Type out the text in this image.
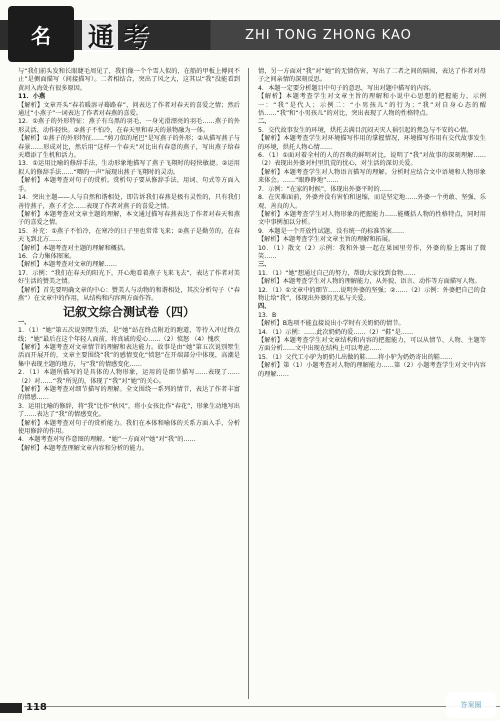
名 通 考	ZHI TONG ZHONG KAO

与“我们前头发和长眼睫毛周见了，我们像一个个雪人似的，在船的甲板上傅问不止”是侧面描写（间接描写）。二者相结合，突出了风之大，这其以“我”没能看到黄河入海处有很多原因。

11．小燕

【解析】文章开头“春若暖溶寻蓦路春”，问表达了作者对春天的喜爱之情；然后通过“小燕子”一词表达了作者对春燕的喜爱。

12．①燕子的外形特征：燕子有乌黑的羽毛、一身光滑漂亮的羽毛……燕子的外形灵活、动作轻快。②燕子不怕冷，在春天里和春天的景物融为一体。

【解析】①燕子的外形特征……“剪刀似的尾巴”是写燕子的外形；②从描写燕子与春景……形成对比，然后用“这样一个春天”对比出有春意的燕子，写出燕子给春天增添了生机和活力。

13．①运用比喻的修辞手法，生动形象地描写了燕子飞翔时的轻快敏捷。②运用拟人的修辞手法……“唧的一声”展现出燕子飞翔时的灵动。

【解析】本题考查对句子的赏析。赏析句子要从修辞手法、用词、句式等方面入手。

14．突出主题——人与自然和谐相处，即告诉我们春燕是极有灵性的，只有我们善待燕子，燕子才会……表现了作者对燕子的喜爱之情。

【解析】本题考查对文章主题的理解，本文通过描写春燕表达了作者对春天和燕子的喜爱之情。

15．补充：①燕子不怕冷，在寒冷的日子里也常常飞来；②燕子是勤劳的，在春天飞到北方……

【解析】本题考查对主题的理解和概括。

16．合力集体图案。

【解析】本题考查对文章的理解……

17．示例：“我们在春天的阳光下，开心地看着燕子飞来飞去”，表达了作者对美好生活的赞美之情。

【解析】首先要明确文章的中心：赞美人与动物的和谐相处，其次分析句子（“春燕”）在文章中的作用，从结构和内容两方面作答。

记叙文综合测试卷（四）

一、

1．（1）“她”第五次说别墅生活，是“她”站在终点附近的跑道，等待入冲过终点线；“她”最后在这个年轻人面前，将真诚的爱心……（2）愤怒 （4）愧疚

【解析】本题考查对文章情节的理解和表达能力。故事是由“她”第五次说别墅生活而开展开的，文章主要围绕“我”的感情变化“愤怒”在开端部分中体现，高潮是集中表现主题的地方，与“我”的情感变化……

2．（1）本题所描写的是具体的人物形象，运用的是细节描写……表现了……（2）对……“我”所见的，体现了“我”对“她”的关心。

【解析】本题考查对细节描写的理解。全文围绕一系列的情节，表达了作者丰富的情感……

3．运用比喻的修辞，将“我”比作“秋风”，将小女孩比作“春花”，形象生动地写出了……表达了“我”的情感变化。

【解析】本题考查对句子的赏析能力。我们在本体和喻体的关系方面入手，分析使用修辞的作用。

4．本题考查对写作意图的理解。“她”一方面对“她”对“我”的……

【解析】本题考查理解文章内容和分析的能力。

情，另一方面对“我”对“她”的无情伤害，写出了二者之间的隔阂，表达了作者对母子之间亲情的深刻反思。

4．本题一定要分析题目中句子的意思，写出对题中描写的内容。

【解析】本题考查学生对文章主旨的理解和小说中心思想的把握能力，示例一：“我”是代人；示例二：“小男孩儿”的行为；“我”对自身心态的醒悟……“我”和“小男孩儿”的对比，突出表现了人物的性格特点。

二、

5．交代故事发生的环境，烘托去满目沉闷天灾人祸引起的焦急与不安的心情。

【解析】本题考查学生对环境描写作用的掌握情况，环境描写作用有交代故事发生的环境，烘托人物心情……

6．（1）①面对着全村的人的召唤的鲜明对比，说明了“我”对故事的深刻理解……（2）表现出外婆对村里饥荒的忧心，对生活的深切关爱。

【解析】本题考查学生对人物语言描写的理解。分析时应结合文中语境和人物形象来体会。……“眼睁睁地”……

7．示例：“在家的时候”，体现出外婆平时的……

8．在灾难面前，外婆并没有害怕和退缩，而是坚定地……外婆一个勇敢、坚强、乐观、善良的人。

【解析】本题考查学生对人物形象的把握能力……能概括人物的性格特点，同时用文中事例加以分析。

9．本题是一个开放性试题，没有统一的标准答案……

【解析】本题考查学生对文章主旨的理解和拓展。

10．（1）散文（2）示例：我和外婆一起在果园里劳作，外婆的脸上露出了微笑……

三、

11．（1）“她”想通过自己的努力，帮助大家找到食物……

【解析】本题考查学生对人物的理解能力，从外貌、语言、动作等方面描写人物。

12．（1）①文章中的细节……说明外婆的坚强；②……（2）示例：外婆把自己的食物让给“我”，体现出外婆的无私与关爱。

四、

13．B

【解析】B选项不能直接说出小学时有关奶奶的情节。

14．（1）示例：……此次奶奶的爱……（2）“鞋”是……

【解析】本题考查学生对文章结构和内容的把握能力，可以从情节、人物、主题等方面分析……文中出现在结构上可以考虑……

15．（1）父代工小驴为奶奶儿出做的鞋……将小驴为奶奶寄出的鞋……

【解析】第（1）小题考查对人物的理解能力……第（2）小题考查学生对文中内容的理解……

118	答案圈
